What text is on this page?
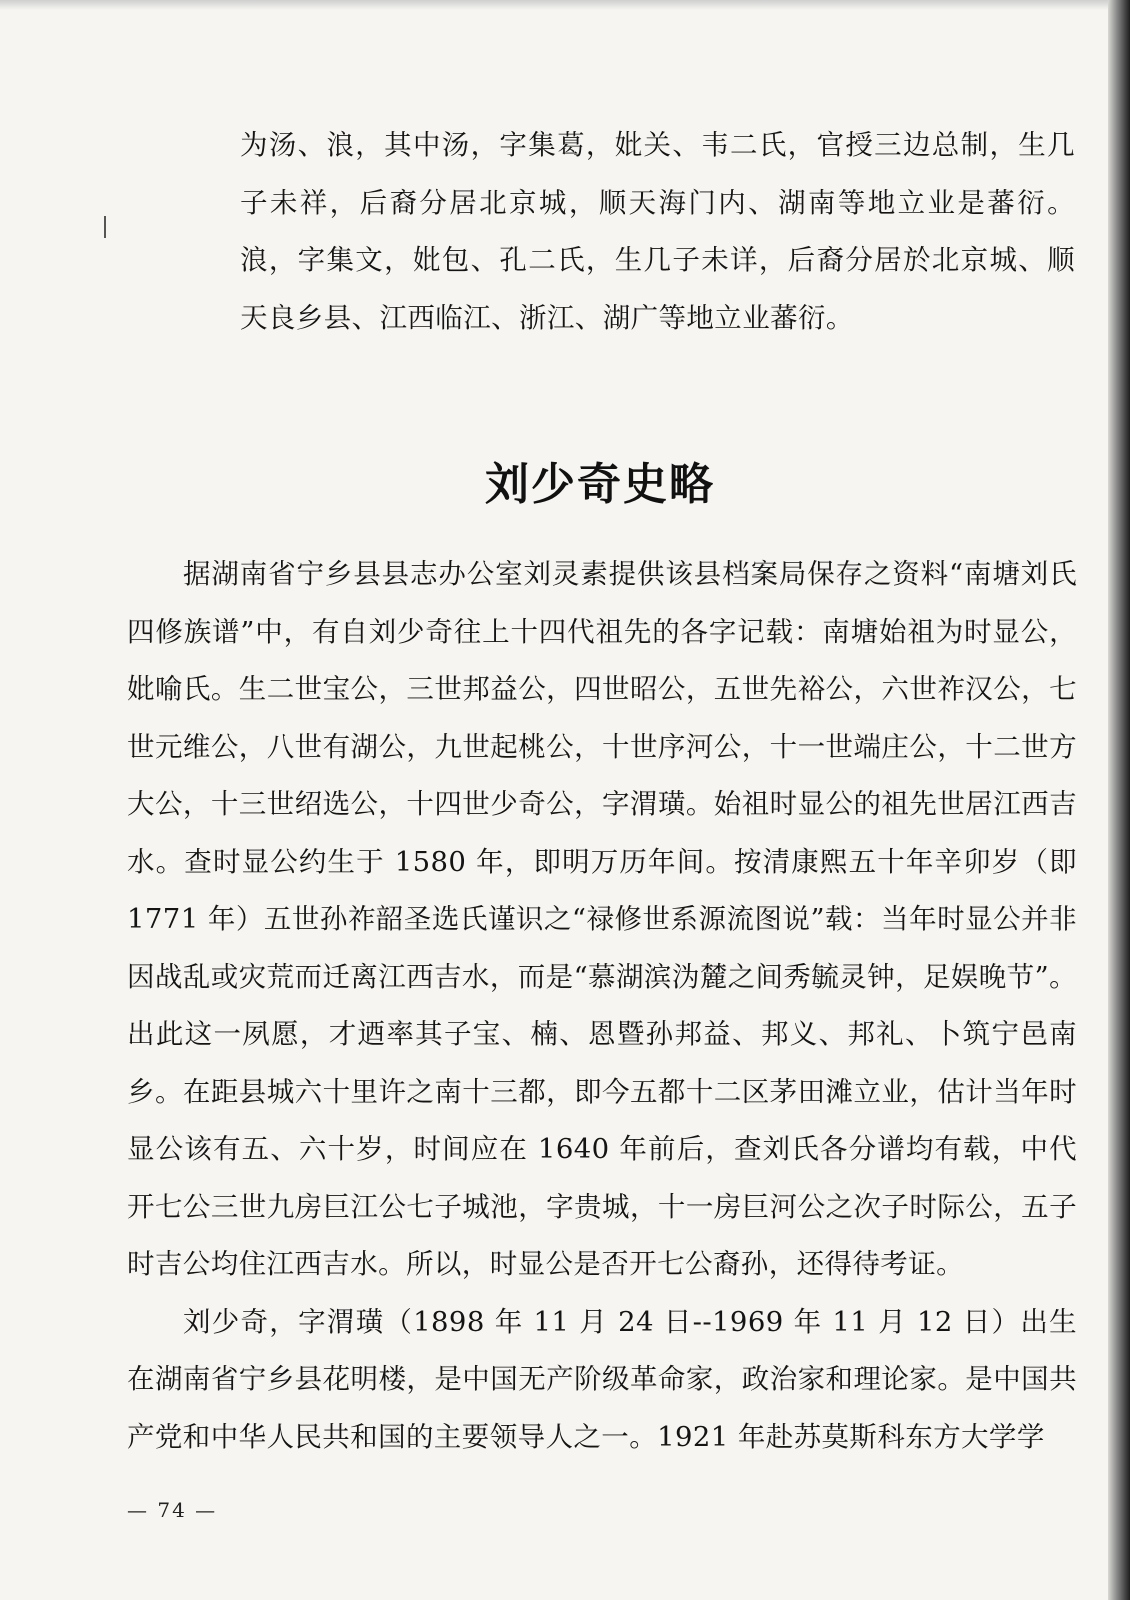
为汤、浪，其中汤，字集葛，妣关、韦二氏，官授三边总制，生几子未祥，后裔分居北京城，顺天海门内、湖南等地立业是蕃衍。浪，字集文，妣包、孔二氏，生几子未详，后裔分居於北京城、顺天良乡县、江西临江、浙江、湖广等地立业蕃衍。
刘少奇史略

据湖南省宁乡县县志办公室刘灵素提供该县档案局保存之资料“南塘刘氏四修族谱”中，有自刘少奇往上十四代祖先的各字记载：南塘始祖为时显公，妣喻氏。生二世宝公，三世邦益公，四世昭公，五世先裕公，六世祚汉公，七世元维公，八世有湖公，九世起桃公，十世序河公，十一世端庄公，十二世方大公，十三世绍选公，十四世少奇公，字渭璜。始祖时显公的祖先世居江西吉水。查时显公约生于 1580 年，即明万历年间。按清康熙五十年辛卯岁（即 1771 年）五世孙祚韶圣选氏谨识之“禄修世系源流图说”载：当年时显公并非因战乱或灾荒而迁离江西吉水，而是“慕湖滨沩麓之间秀毓灵钟，足娱晚节”。出此这一夙愿，才迺率其子宝、楠、恩暨孙邦益、邦义、邦礼、卜筑宁邑南乡。在距县城六十里许之南十三都，即今五都十二区茅田滩立业，估计当年时显公该有五、六十岁，时间应在 1640 年前后，查刘氏各分谱均有载，中代开七公三世九房巨江公七子城池，字贵城，十一房巨河公之次子时际公，五子时吉公均住江西吉水。所以，时显公是否开七公裔孙，还得待考证。

刘少奇，字渭璜（1898 年 11 月 24 日--1969 年 11 月 12 日）出生在湖南省宁乡县花明楼，是中国无产阶级革命家，政治家和理论家。是中国共产党和中华人民共和国的主要领导人之一。1921 年赴苏莫斯科东方大学学

— 74 —
